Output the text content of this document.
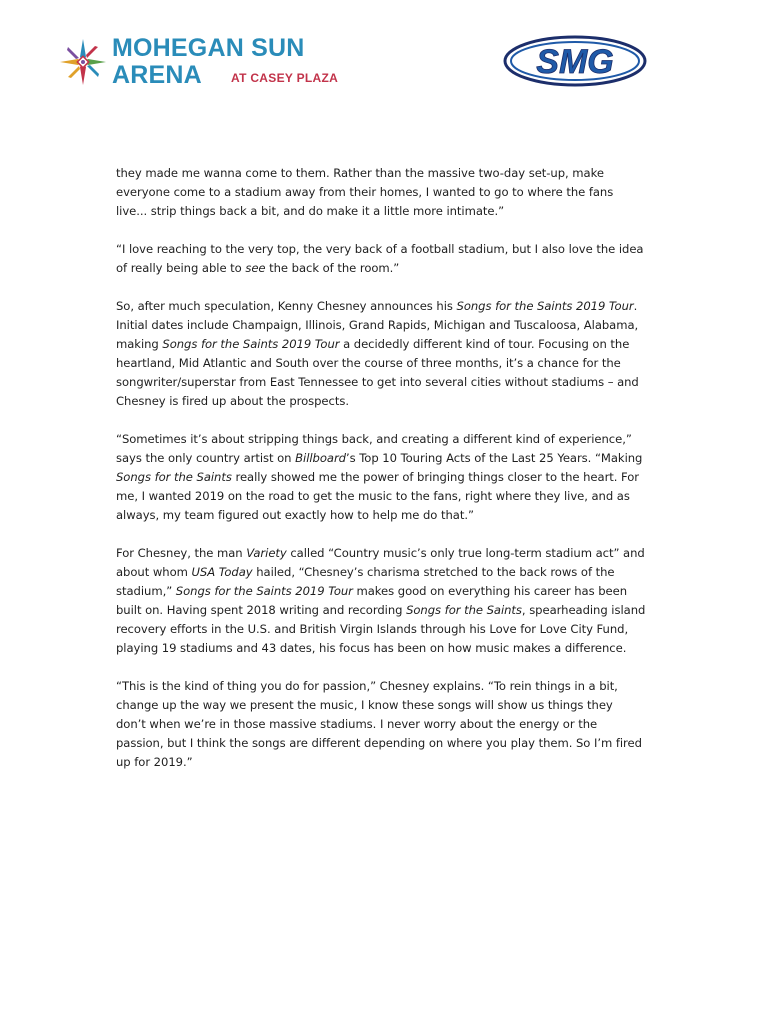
MOHEGAN SUN
ARENA AT CASEY PLAZA	SMG

they made me wanna come to them. Rather than the massive two-day set-up, make everyone come to a stadium away from their homes, I wanted to go to where the fans live... strip things back a bit, and do make it a little more intimate.”

“I love reaching to the very top, the very back of a football stadium, but I also love the idea of really being able to see the back of the room.”

So, after much speculation, Kenny Chesney announces his Songs for the Saints 2019 Tour. Initial dates include Champaign, Illinois, Grand Rapids, Michigan and Tuscaloosa, Alabama, making Songs for the Saints 2019 Tour a decidedly different kind of tour. Focusing on the heartland, Mid Atlantic and South over the course of three months, it’s a chance for the songwriter/superstar from East Tennessee to get into several cities without stadiums – and Chesney is fired up about the prospects.

“Sometimes it’s about stripping things back, and creating a different kind of experience,” says the only country artist on Billboard’s Top 10 Touring Acts of the Last 25 Years. “Making Songs for the Saints really showed me the power of bringing things closer to the heart. For me, I wanted 2019 on the road to get the music to the fans, right where they live, and as always, my team figured out exactly how to help me do that.”

For Chesney, the man Variety called “Country music’s only true long-term stadium act” and about whom USA Today hailed, “Chesney’s charisma stretched to the back rows of the stadium,” Songs for the Saints 2019 Tour makes good on everything his career has been built on. Having spent 2018 writing and recording Songs for the Saints, spearheading island recovery efforts in the U.S. and British Virgin Islands through his Love for Love City Fund, playing 19 stadiums and 43 dates, his focus has been on how music makes a difference.

“This is the kind of thing you do for passion,” Chesney explains. “To rein things in a bit, change up the way we present the music, I know these songs will show us things they don’t when we’re in those massive stadiums. I never worry about the energy or the passion, but I think the songs are different depending on where you play them. So I’m fired up for 2019.”
